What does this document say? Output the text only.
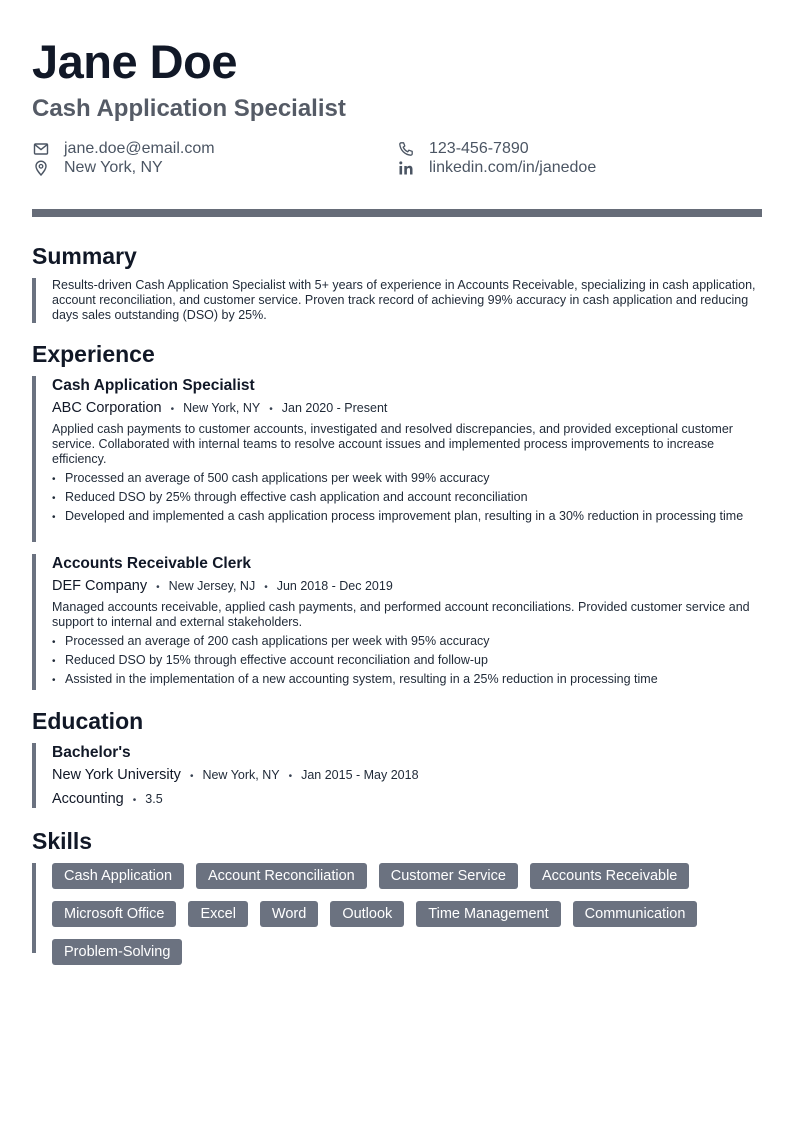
Jane Doe
Cash Application Specialist
jane.doe@email.com
New York, NY
123-456-7890
linkedin.com/in/janedoe
Summary
Results-driven Cash Application Specialist with 5+ years of experience in Accounts Receivable, specializing in cash application, account reconciliation, and customer service. Proven track record of achieving 99% accuracy in cash application and reducing days sales outstanding (DSO) by 25%.
Experience
Cash Application Specialist
ABC Corporation • New York, NY • Jan 2020 - Present
Applied cash payments to customer accounts, investigated and resolved discrepancies, and provided exceptional customer service. Collaborated with internal teams to resolve account issues and implemented process improvements to increase efficiency.
• Processed an average of 500 cash applications per week with 99% accuracy
• Reduced DSO by 25% through effective cash application and account reconciliation
• Developed and implemented a cash application process improvement plan, resulting in a 30% reduction in processing time
Accounts Receivable Clerk
DEF Company • New Jersey, NJ • Jun 2018 - Dec 2019
Managed accounts receivable, applied cash payments, and performed account reconciliations. Provided customer service and support to internal and external stakeholders.
• Processed an average of 200 cash applications per week with 95% accuracy
• Reduced DSO by 15% through effective account reconciliation and follow-up
• Assisted in the implementation of a new accounting system, resulting in a 25% reduction in processing time
Education
Bachelor's
New York University • New York, NY • Jan 2015 - May 2018
Accounting • 3.5
Skills
Cash Application	Account Reconciliation	Customer Service	Accounts Receivable
Microsoft Office	Excel	Word	Outlook	Time Management	Communication
Problem-Solving
